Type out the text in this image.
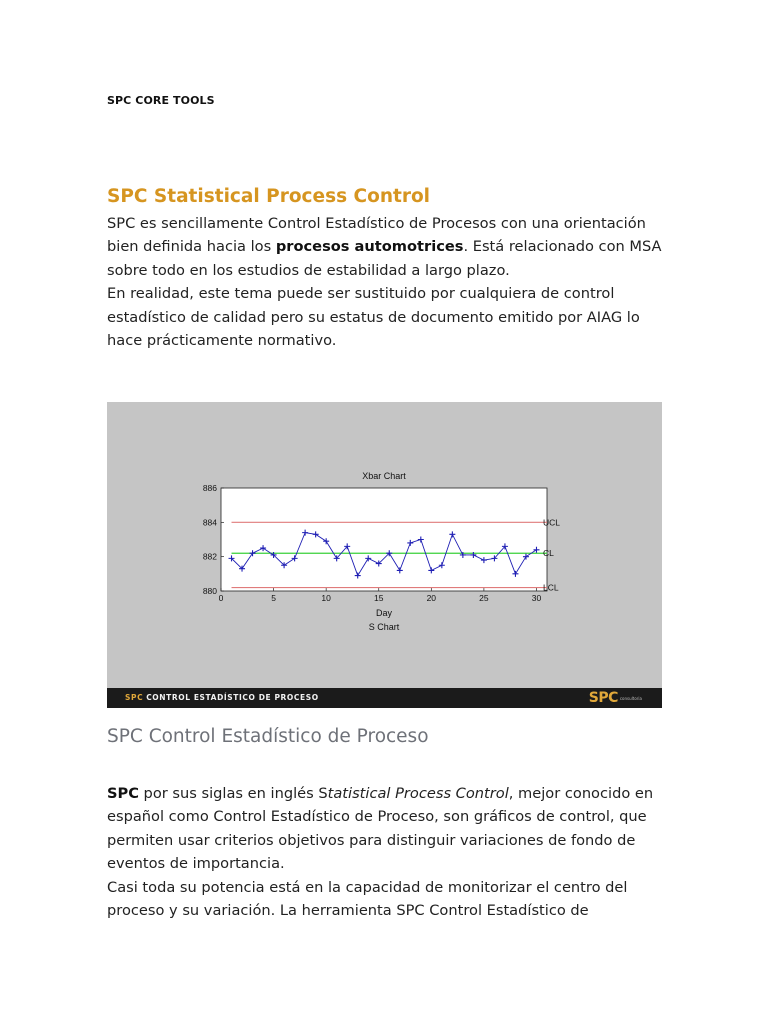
SPC CORE TOOLS
SPC Statistical Process Control

SPC es sencillamente Control Estadístico de Procesos con una orientación bien definida hacia los procesos automotrices. Está relacionado con MSA sobre todo en los estudios de estabilidad a largo plazo.
En realidad, este tema puede ser sustituido por cualquiera de control estadístico de calidad pero su estatus de documento emitido por AIAG lo hace prácticamente normativo.

Xbar Chart
Day
S Chart
0	5	10	15	20	25	30
880
882
884
886
UCL
CL
LCL
SPC CONTROL ESTADÍSTICO DE PROCESO	SPC consultoria
SPC Control Estadístico de Proceso

SPC por sus siglas en inglés Statistical Process Control, mejor conocido en español como Control Estadístico de Proceso, son gráficos de control, que permiten usar criterios objetivos para distinguir variaciones de fondo de eventos de importancia.
Casi toda su potencia está en la capacidad de monitorizar el centro del proceso y su variación. La herramienta SPC Control Estadístico de
